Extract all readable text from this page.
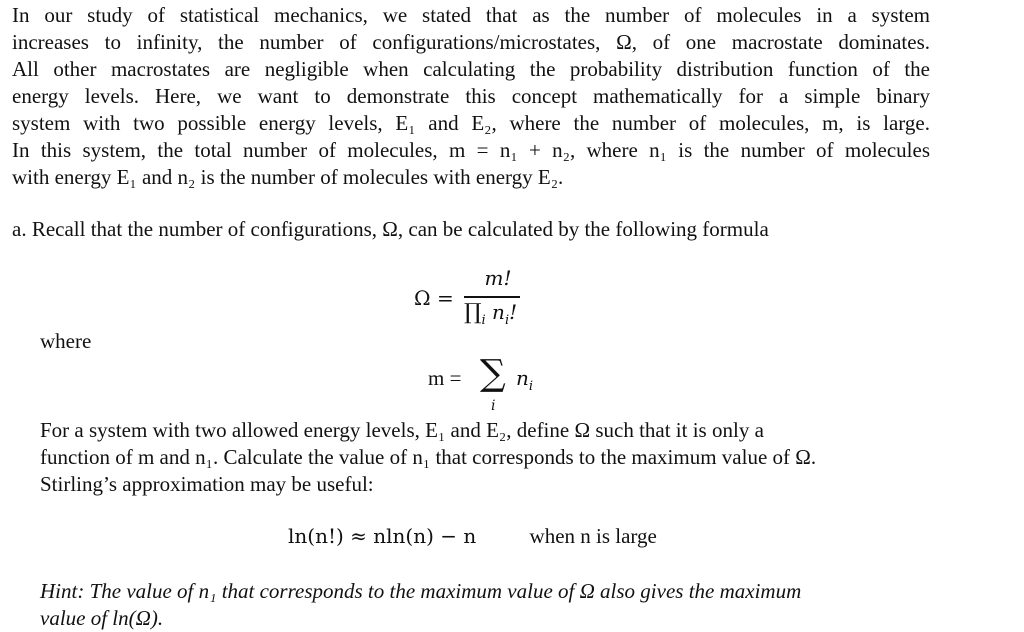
In our study of statistical mechanics, we stated that as the number of molecules in a system
increases to infinity, the number of configurations/microstates, Ω, of one macrostate dominates.
All other macrostates are negligible when calculating the probability distribution function of the
energy levels. Here, we want to demonstrate this concept mathematically for a simple binary
system with two possible energy levels, E₁ and E₂, where the number of molecules, m, is large.
In this system, the total number of molecules, m = n₁ + n₂, where n₁ is the number of molecules
with energy E₁ and n₂ is the number of molecules with energy E₂.
a. Recall that the number of configurations, Ω, can be calculated by the following formula
Ω =
m!
$\prod_i$ $n_i$!
where
m = ∑ $n_i$
i
For a system with two allowed energy levels, E₁ and E₂, define Ω such that it is only a
function of m and n₁. Calculate the value of n₁ that corresponds to the maximum value of Ω.
Stirling’s approximation may be useful:
ln(n!) ≈ nln(n) − n	when n is large
Hint: The value of n₁ that corresponds to the maximum value of Ω also gives the maximum
value of ln(Ω).
